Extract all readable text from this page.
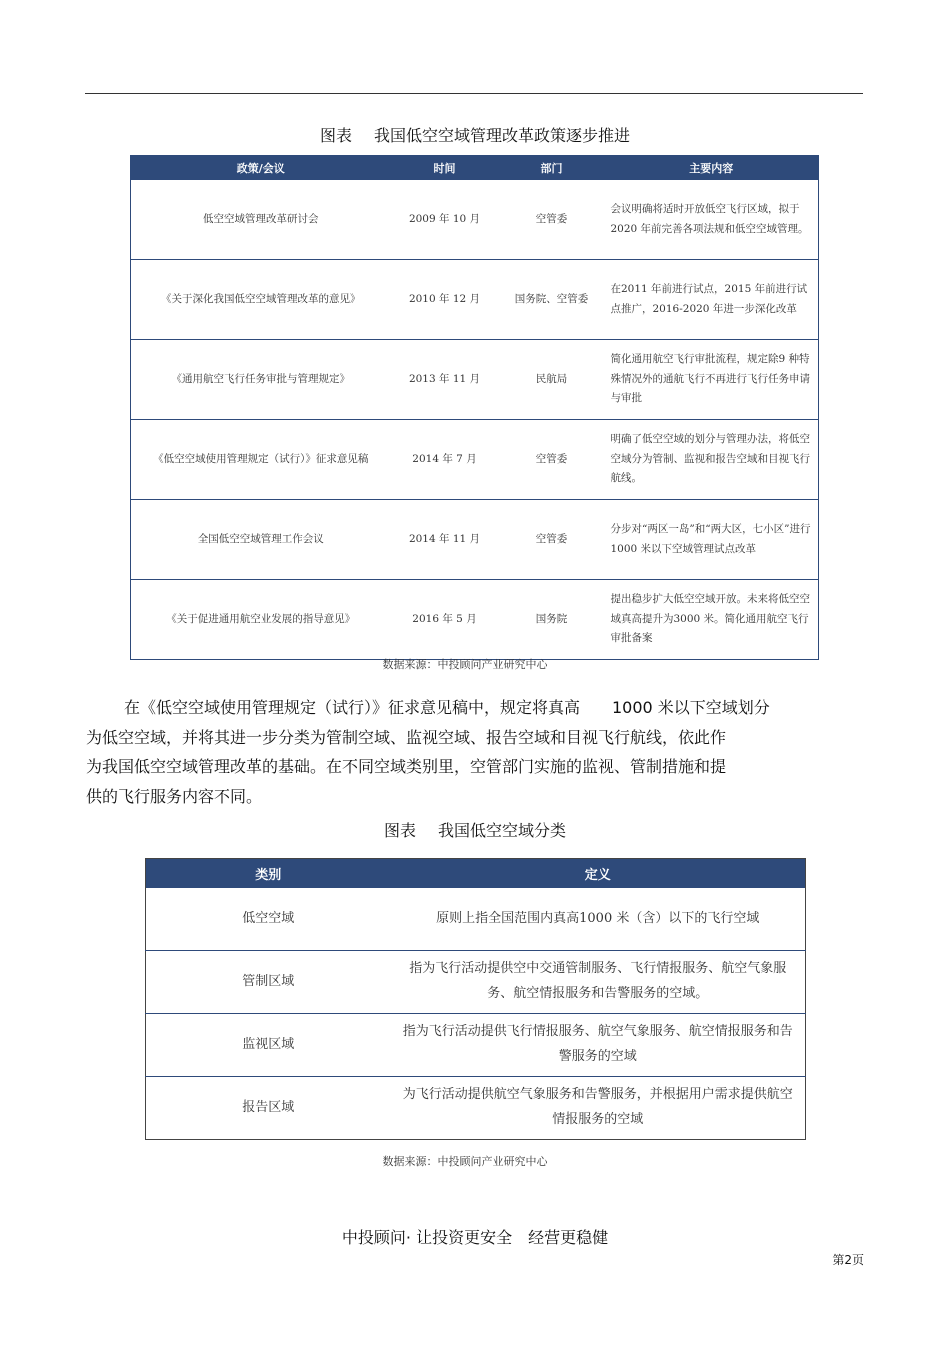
图表 我国低空空域管理改革政策逐步推进
政策/会议	时间	部门	主要内容
低空空域管理改革研讨会	2009 年 10 月	空管委	会议明确将适时开放低空飞行区域，拟于2020 年前完善各项法规和低空空域管理。
《关于深化我国低空空域管理改革的意见》	2010 年 12 月	国务院、空管委	在2011 年前进行试点，2015 年前进行试点推广，2016-2020 年进一步深化改革
《通用航空飞行任务审批与管理规定》	2013 年 11 月	民航局	简化通用航空飞行审批流程，规定除9 种特殊情况外的通航飞行不再进行飞行任务申请与审批
《低空空域使用管理规定（试行）》征求意见稿	2014 年 7 月	空管委	明确了低空空域的划分与管理办法，将低空空域分为管制、监视和报告空域和目视飞行航线。
全国低空空域管理工作会议	2014 年 11 月	空管委	分步对“两区一岛”和“两大区，七小区”进行1000 米以下空域管理试点改革
《关于促进通用航空业发展的指导意见》	2016 年 5 月	国务院	提出稳步扩大低空空域开放。未来将低空空域真高提升为3000 米。简化通用航空飞行审批备案
数据来源：中投顾问产业研究中心
在《低空空域使用管理规定（试行）》征求意见稿中，规定将真高　　1000 米以下空域划分
为低空空域，并将其进一步分类为管制空域、监视空域、报告空域和目视飞行航线，依此作
为我国低空空域管理改革的基础。在不同空域类别里，空管部门实施的监视、管制措施和提
供的飞行服务内容不同。
图表 我国低空空域分类
类别	定义
低空空域	原则上指全国范围内真高1000 米（含）以下的飞行空域
管制区域	指为飞行活动提供空中交通管制服务、飞行情报服务、航空气象服务、航空情报服务和告警服务的空域。
监视区域	指为飞行活动提供飞行情报服务、航空气象服务、航空情报服务和告警服务的空域
报告区域	为飞行活动提供航空气象服务和告警服务，并根据用户需求提供航空情报服务的空域
数据来源：中投顾问产业研究中心
中投顾问· 让投资更安全　经营更稳健
第2页
